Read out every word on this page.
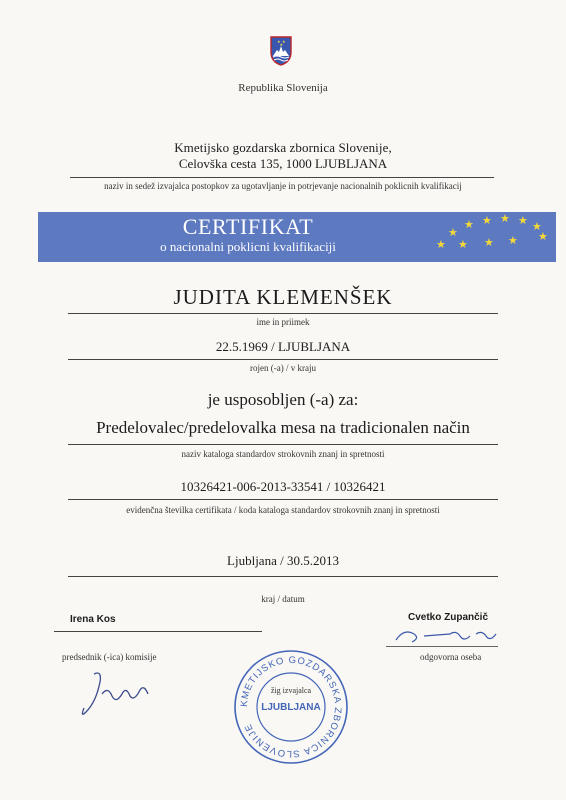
★ ★
★
Republika Slovenija
Kmetijsko gozdarska zbornica Slovenije,
Celovška cesta 135, 1000 LJUBLJANA
naziv in sedež izvajalca postopkov za ugotavljanje in potrjevanje nacionalnih poklicnih kvalifikacij
CERTIFIKAT
o nacionalni poklicni kvalifikaciji	★
★
★ ★ ★ ★ ★
★
★ ★ ★
JUDITA KLEMENŠEK
ime in priimek
22.5.1969 / LJUBLJANA
rojen (-a) / v kraju
je usposobljen (-a) za:
Predelovalec/predelovalka mesa na tradicionalen način
naziv kataloga standardov strokovnih znanj in spretnosti
10326421-006-2013-33541 / 10326421
evidenčna številka certifikata / koda kataloga standardov strokovnih znanj in spretnosti
Ljubljana / 30.5.2013
kraj / datum
Irena Kos	Cvetko Zupančič
predsednik (-ica) komisije	odgovorna oseba
KMETIJSKO GOZDARSKA ZBORNICA SLOVENIJE
žig izvajalca
LJUBLJANA
